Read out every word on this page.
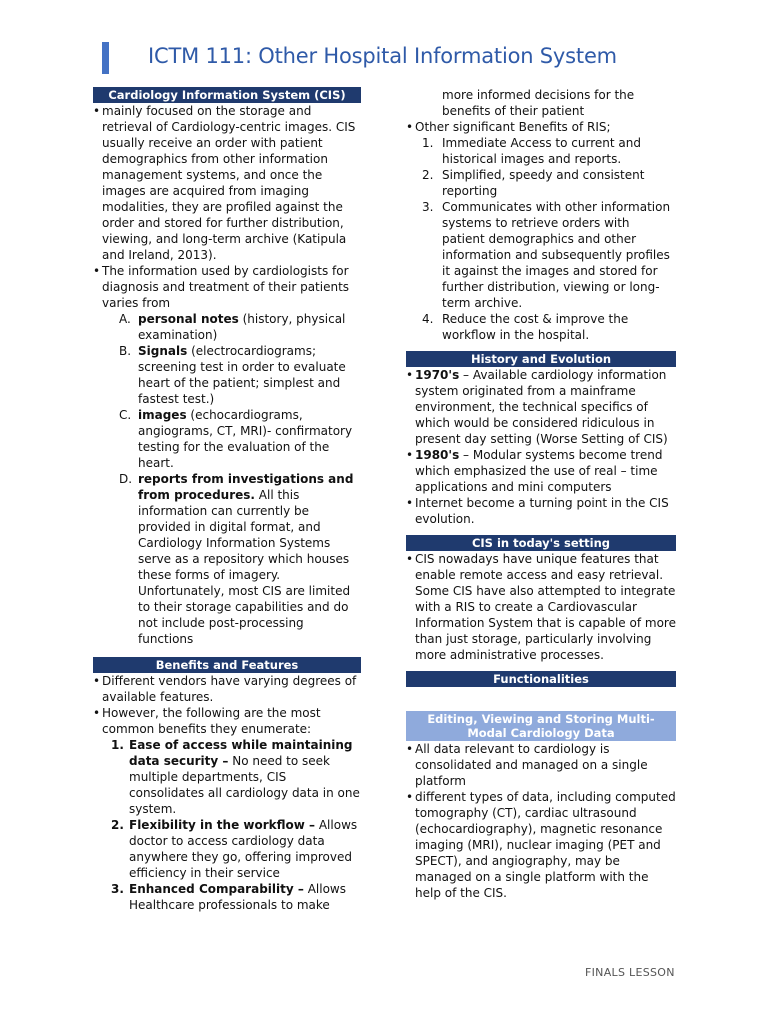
ICTM 111: Other Hospital Information System
Cardiology Information System (CIS)
• mainly focused on the storage and retrieval of Cardiology-centric images. CIS usually receive an order with patient demographics from other information management systems, and once the images are acquired from imaging modalities, they are profiled against the order and stored for further distribution, viewing, and long-term archive (Katipula and Ireland, 2013).
• The information used by cardiologists for diagnosis and treatment of their patients varies from
A. personal notes (history, physical examination)
B. Signals (electrocardiograms; screening test in order to evaluate heart of the patient; simplest and fastest test.)
C. images (echocardiograms, angiograms, CT, MRI)- confirmatory testing for the evaluation of the heart.
D. reports from investigations and from procedures. All this information can currently be provided in digital format, and Cardiology Information Systems serve as a repository which houses these forms of imagery. Unfortunately, most CIS are limited to their storage capabilities and do not include post-processing functions
Benefits and Features
• Different vendors have varying degrees of available features.
• However, the following are the most common benefits they enumerate:
1. Ease of access while maintaining data security – No need to seek multiple departments, CIS consolidates all cardiology data in one system.
2. Flexibility in the workflow – Allows doctor to access cardiology data anywhere they go, offering improved efficiency in their service
3. Enhanced Comparability – Allows Healthcare professionals to make
more informed decisions for the benefits of their patient
• Other significant Benefits of RIS;
1. Immediate Access to current and historical images and reports.
2. Simplified, speedy and consistent reporting
3. Communicates with other information systems to retrieve orders with patient demographics and other information and subsequently profiles it against the images and stored for further distribution, viewing or long-term archive.
4. Reduce the cost & improve the workflow in the hospital.
History and Evolution
• 1970's – Available cardiology information system originated from a mainframe environment, the technical specifics of which would be considered ridiculous in present day setting (Worse Setting of CIS)
• 1980's – Modular systems become trend which emphasized the use of real – time applications and mini computers
• Internet become a turning point in the CIS evolution.
CIS in today's setting
• CIS nowadays have unique features that enable remote access and easy retrieval. Some CIS have also attempted to integrate with a RIS to create a Cardiovascular Information System that is capable of more than just storage, particularly involving more administrative processes.
Functionalities
Editing, Viewing and Storing Multi-Modal Cardiology Data
• All data relevant to cardiology is consolidated and managed on a single platform
• different types of data, including computed tomography (CT), cardiac ultrasound (echocardiography), magnetic resonance imaging (MRI), nuclear imaging (PET and SPECT), and angiography, may be managed on a single platform with the help of the CIS.
FINALS LESSON
